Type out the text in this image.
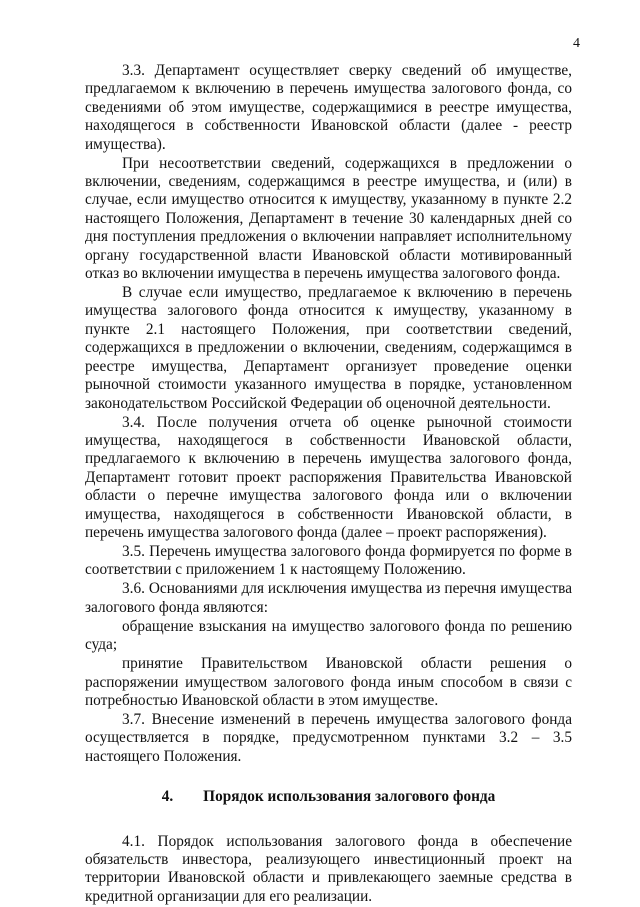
4

3.3. Департамент осуществляет сверку сведений об имуществе, предлагаемом к включению в перечень имущества залогового фонда, со сведениями об этом имуществе, содержащимися в реестре имущества, находящегося в собственности Ивановской области (далее - реестр имущества).

При несоответствии сведений, содержащихся в предложении о включении, сведениям, содержащимся в реестре имущества, и (или) в случае, если имущество относится к имуществу, указанному в пункте 2.2 настоящего Положения, Департамент в течение 30 календарных дней со дня поступления предложения о включении направляет исполнительному органу государственной власти Ивановской области мотивированный отказ во включении имущества в перечень имущества залогового фонда.

В случае если имущество, предлагаемое к включению в перечень имущества залогового фонда относится к имуществу, указанному в пункте 2.1 настоящего Положения, при соответствии сведений, содержащихся в предложении о включении, сведениям, содержащимся в реестре имущества, Департамент организует проведение оценки рыночной стоимости указанного имущества в порядке, установленном законодательством Российской Федерации об оценочной деятельности.

3.4. После получения отчета об оценке рыночной стоимости имущества, находящегося в собственности Ивановской области, предлагаемого к включению в перечень имущества залогового фонда, Департамент готовит проект распоряжения Правительства Ивановской области о перечне имущества залогового фонда или о включении имущества, находящегося в собственности Ивановской области, в перечень имущества залогового фонда (далее – проект распоряжения).

3.5. Перечень имущества залогового фонда формируется по форме в соответствии с приложением 1 к настоящему Положению.

3.6. Основаниями для исключения имущества из перечня имущества залогового фонда являются:

обращение взыскания на имущество залогового фонда по решению суда;

принятие Правительством Ивановской области решения о распоряжении имуществом залогового фонда иным способом в связи с потребностью Ивановской области в этом имуществе.

3.7. Внесение изменений в перечень имущества залогового фонда осуществляется в порядке, предусмотренном пунктами 3.2 – 3.5 настоящего Положения.

4. Порядок использования залогового фонда

4.1. Порядок использования залогового фонда в обеспечение обязательств инвестора, реализующего инвестиционный проект на территории Ивановской области и привлекающего заемные средства в кредитной организации для его реализации.
